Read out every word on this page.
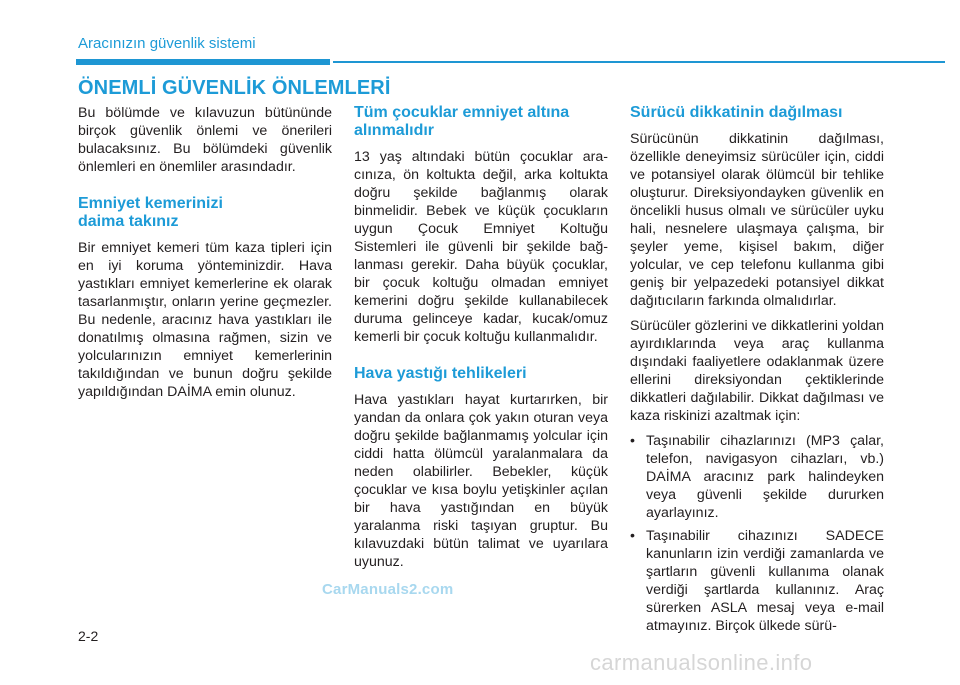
Aracınızın güvenlik sistemi
ÖNEMLİ GÜVENLİK ÖNLEMLERİ

Bu bölümde ve kılavuzun bütününde birçok güvenlik önlemi ve önerileri bulacaksınız. Bu bölümdeki güvenlik önlemleri en önemliler arasındadır.

Emniyet kemerinizi
daima takınız

Bir emniyet kemeri tüm kaza tipleri için en iyi koruma yönteminizdir. Hava yastıkları emniyet kemerlerine ek olarak tasarlanmıştır, onların yerine geçmezler. Bu nedenle, aracınız hava yastıkları ile donatılmış olmasına rağmen, sizin ve yolcularınızın emniyet kemerlerinin takıldığından ve bunun doğru şekilde yapıldığından DAİMA emin olunuz.

Tüm çocuklar emniyet altına
alınmalıdır

13 yaş altındaki bütün çocuklar aracınıza, ön koltukta değil, arka koltukta doğru şekilde bağlanmış olarak binmelidir. Bebek ve küçük çocukların uygun Çocuk Emniyet Koltuğu Sistemleri ile güvenli bir şekilde bağlanması gerekir. Daha büyük çocuklar, bir çocuk koltuğu olmadan emniyet kemerini doğru şekilde kullanabilecek duruma gelinceye kadar, kucak/omuz kemerli bir çocuk koltuğu kullanmalıdır.

Hava yastığı tehlikeleri

Hava yastıkları hayat kurtarırken, bir yandan da onlara çok yakın oturan veya doğru şekilde bağlanmamış yolcular için ciddi hatta ölümcül yaralanmalara da neden olabilirler. Bebekler, küçük çocuklar ve kısa boylu yetişkinler açılan bir hava yastığından en büyük yaralanma riski taşıyan gruptur. Bu kılavuzdaki bütün talimat ve uyarılara uyunuz.

Sürücü dikkatinin dağılması

Sürücünün dikkatinin dağılması, özellikle deneyimsiz sürücüler için, ciddi ve potansiyel olarak ölümcül bir tehlike oluşturur. Direksiyondayken güvenlik en öncelikli husus olmalı ve sürücüler uyku hali, nesnelere ulaşmaya çalışma, bir şeyler yeme, kişisel bakım, diğer yolcular, ve cep telefonu kullanma gibi geniş bir yelpazedeki potansiyel dikkat dağıtıcıların farkında olmalıdırlar.

Sürücüler gözlerini ve dikkatlerini yoldan ayırdıklarında veya araç kullanma dışındaki faaliyetlere odaklanmak üzere ellerini direksiyondan çektiklerinde dikkatleri dağılabilir. Dikkat dağılması ve kaza riskinizi azaltmak için:

• Taşınabilir cihazlarınızı (MP3 çalar, telefon, navigasyon cihazları, vb.) DAİMA aracınız park halindeyken veya güvenli şekilde dururken ayarlayınız.
• Taşınabilir cihazınızı SADECE kanunların izin verdiği zamanlarda ve şartların güvenli kullanıma olanak verdiği şartlarda kullanınız. Araç sürerken ASLA mesaj veya e-mail atmayınız. Birçok ülkede sürü-
CarManuals2.com
2-2
carmanualsonline.info
